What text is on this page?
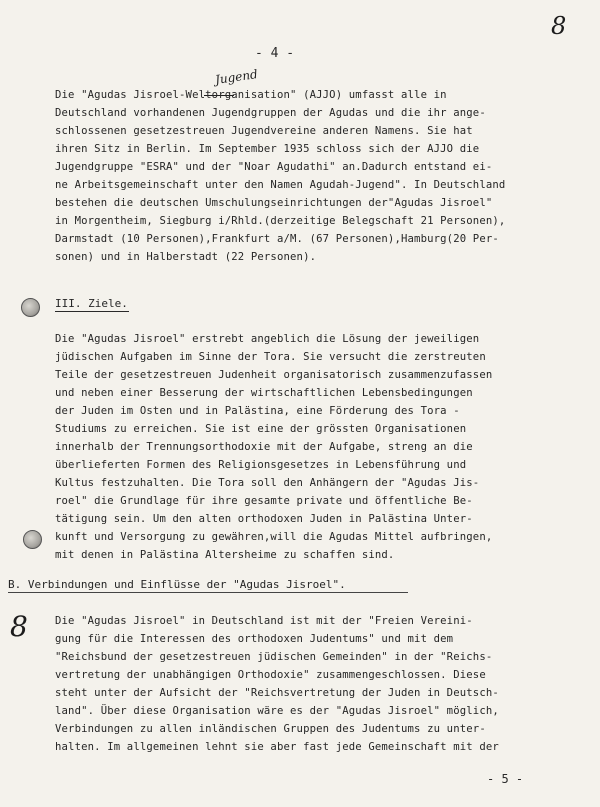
- 4 -
8
Jugend
Die "Agudas Jisroel-Weltorganisation" (AJJO) umfasst alle in
Deutschland vorhandenen Jugendgruppen der Agudas und die ihr ange-
schlossenen gesetzestreuen Jugendvereine anderen Namens. Sie hat
ihren Sitz in Berlin. Im September 1935 schloss sich der AJJO die
Jugendgruppe "ESRA" und der "Noar Agudathi" an.Dadurch entstand ei-
ne Arbeitsgemeinschaft unter den Namen Agudah-Jugend". In Deutschland
bestehen die deutschen Umschulungseinrichtungen der"Agudas Jisroel"
in Morgentheim, Siegburg i/Rhld.(derzeitige Belegschaft 21 Personen),
Darmstadt (10 Personen),Frankfurt a/M. (67 Personen),Hamburg(20 Per-
sonen) und in Halberstadt (22 Personen).
III. Ziele.
Die "Agudas Jisroel" erstrebt angeblich die Lösung der jeweiligen
jüdischen Aufgaben im Sinne der Tora. Sie versucht die zerstreuten
Teile der gesetzestreuen Judenheit organisatorisch zusammenzufassen
und neben einer Besserung der wirtschaftlichen Lebensbedingungen
der Juden im Osten und in Palästina, eine Förderung des Tora -
Studiums zu erreichen. Sie ist eine der grössten Organisationen
innerhalb der Trennungsorthodoxie mit der Aufgabe, streng an die
überlieferten Formen des Religionsgesetzes in Lebensführung und
Kultus festzuhalten. Die Tora soll den Anhängern der "Agudas Jis-
roel" die Grundlage für ihre gesamte private und öffentliche Be-
tätigung sein. Um den alten orthodoxen Juden in Palästina Unter-
kunft und Versorgung zu gewähren,will die Agudas Mittel aufbringen,
mit denen in Palästina Altersheime zu schaffen sind.
B. Verbindungen und Einflüsse der "Agudas Jisroel".
8	Die "Agudas Jisroel" in Deutschland ist mit der "Freien Vereini-
gung für die Interessen des orthodoxen Judentums" und mit dem
"Reichsbund der gesetzestreuen jüdischen Gemeinden" in der "Reichs-
vertretung der unabhängigen Orthodoxie" zusammengeschlossen. Diese
steht unter der Aufsicht der "Reichsvertretung der Juden in Deutsch-
land". Über diese Organisation wäre es der "Agudas Jisroel" möglich,
Verbindungen zu allen inländischen Gruppen des Judentums zu unter-
halten. Im allgemeinen lehnt sie aber fast jede Gemeinschaft mit der
- 5 -
